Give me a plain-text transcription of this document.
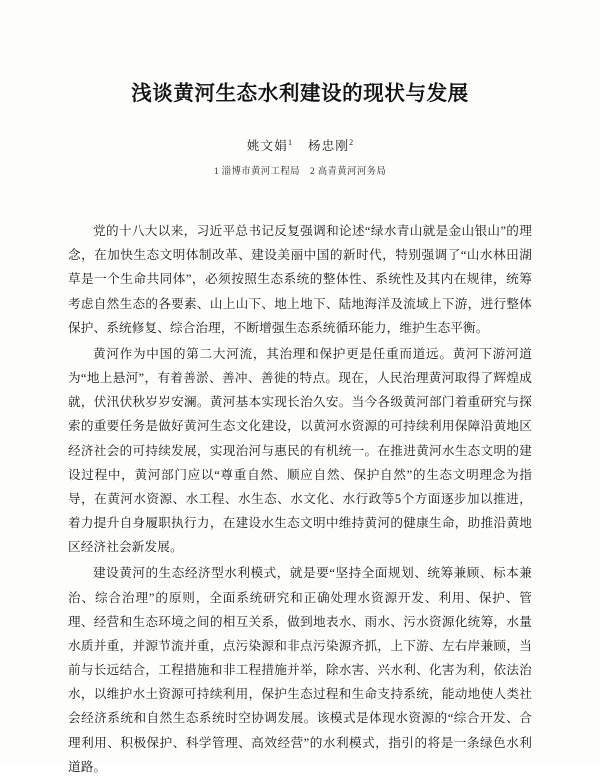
浅谈黄河生态水利建设的现状与发展
姚文娟$^1$ 杨忠刚$^2$
1 淄博市黄河工程局 2 高青黄河河务局

党的十八大以来，习近平总书记反复强调和论述“绿水青山就是金山银山”的理念，在加快生态文明体制改革、建设美丽中国的新时代，特别强调了“山水林田湖草是一个生命共同体”，必须按照生态系统的整体性、系统性及其内在规律，统筹考虑自然生态的各要素、山上山下、地上地下、陆地海洋及流域上下游，进行整体保护、系统修复、综合治理，不断增强生态系统循环能力，维护生态平衡。

黄河作为中国的第二大河流，其治理和保护更是任重而道远。黄河下游河道为“地上悬河”，有着善淤、善冲、善徙的特点。现在，人民治理黄河取得了辉煌成就，伏汛伏秋岁岁安澜。黄河基本实现长治久安。当今各级黄河部门着重研究与探索的重要任务是做好黄河生态文化建设，以黄河水资源的可持续利用保障沿黄地区经济社会的可持续发展，实现治河与惠民的有机统一。在推进黄河水生态文明的建设过程中，黄河部门应以“尊重自然、顺应自然、保护自然”的生态文明理念为指导，在黄河水资源、水工程、水生态、水文化、水行政等5个方面逐步加以推进，着力提升自身履职执行力，在建设水生态文明中维持黄河的健康生命，助推沿黄地区经济社会新发展。

建设黄河的生态经济型水利模式，就是要“坚持全面规划、统筹兼顾、标本兼治、综合治理”的原则，全面系统研究和正确处理水资源开发、利用、保护、管理、经营和生态环境之间的相互关系，做到地表水、雨水、污水资源化统筹，水量水质并重，并源节流并重，点污染源和非点污染源齐抓，上下游、左右岸兼顾，当前与长远结合，工程措施和非工程措施并举，除水害、兴水利、化害为利，依法治水，以维护水土资源可持续利用，保护生态过程和生命支持系统，能动地使人类社会经济系统和自然生态系统时空协调发展。该模式是体现水资源的“综合开发、合理利用、积极保护、科学管理、高效经营”的水利模式，指引的将是一条绿色水利道路。
